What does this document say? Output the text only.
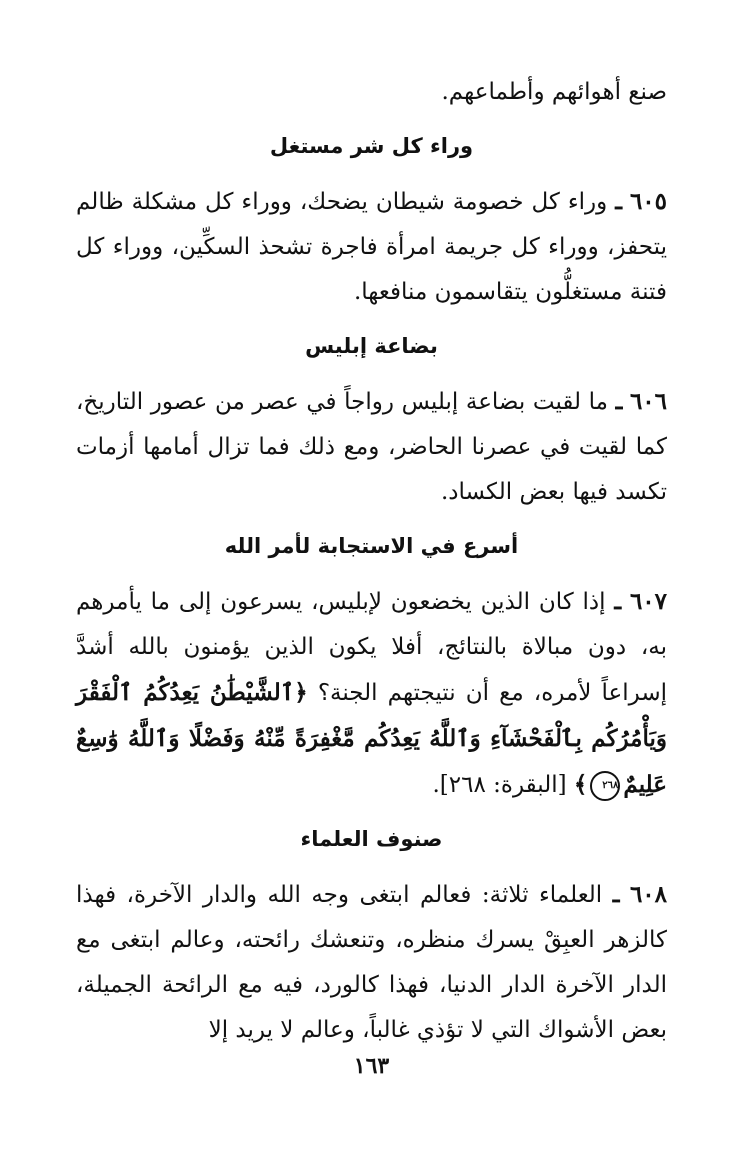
صنع أهوائهم وأطماعهم.

وراء كل شر مستغل

٦٠٥ ـ وراء كل خصومة شيطان يضحك، ووراء كل مشكلة ظالم يتحفز، ووراء كل جريمة امرأة فاجرة تشحذ السكِّين، ووراء كل فتنة مستغلُّون يتقاسمون منافعها.

بضاعة إبليس

٦٠٦ ـ ما لقيت بضاعة إبليس رواجاً في عصر من عصور التاريخ، كما لقيت في عصرنا الحاضر، ومع ذلك فما تزال أمامها أزمات تكسد فيها بعض الكساد.

أسرع في الاستجابة لأمر الله

٦٠٧ ـ إذا كان الذين يخضعون لإبليس، يسرعون إلى ما يأمرهم به، دون مبالاة بالنتائج، أفلا يكون الذين يؤمنون بالله أشدَّ إسراعاً لأمره، مع أن نتيجتهم الجنة؟ ﴿ٱلشَّيْطَٰنُ يَعِدُكُمُ ٱلْفَقْرَ وَيَأْمُرُكُم بِٱلْفَحْشَآءِ وَٱللَّهُ يَعِدُكُم مَّغْفِرَةً مِّنْهُ وَفَضْلًا وَٱللَّهُ وَٰسِعٌ عَلِيمٌ٢٦٨﴾ [البقرة: ٢٦٨].

صنوف العلماء

٦٠٨ ـ العلماء ثلاثة: فعالم ابتغى وجه الله والدار الآخرة، فهذا كالزهر العبِقْ يسرك منظره، وتنعشك رائحته، وعالم ابتغى مع الدار الآخرة الدار الدنيا، فهذا كالورد، فيه مع الرائحة الجميلة، بعض الأشواك التي لا تؤذي غالباً، وعالم لا يريد إلا

١٦٣
